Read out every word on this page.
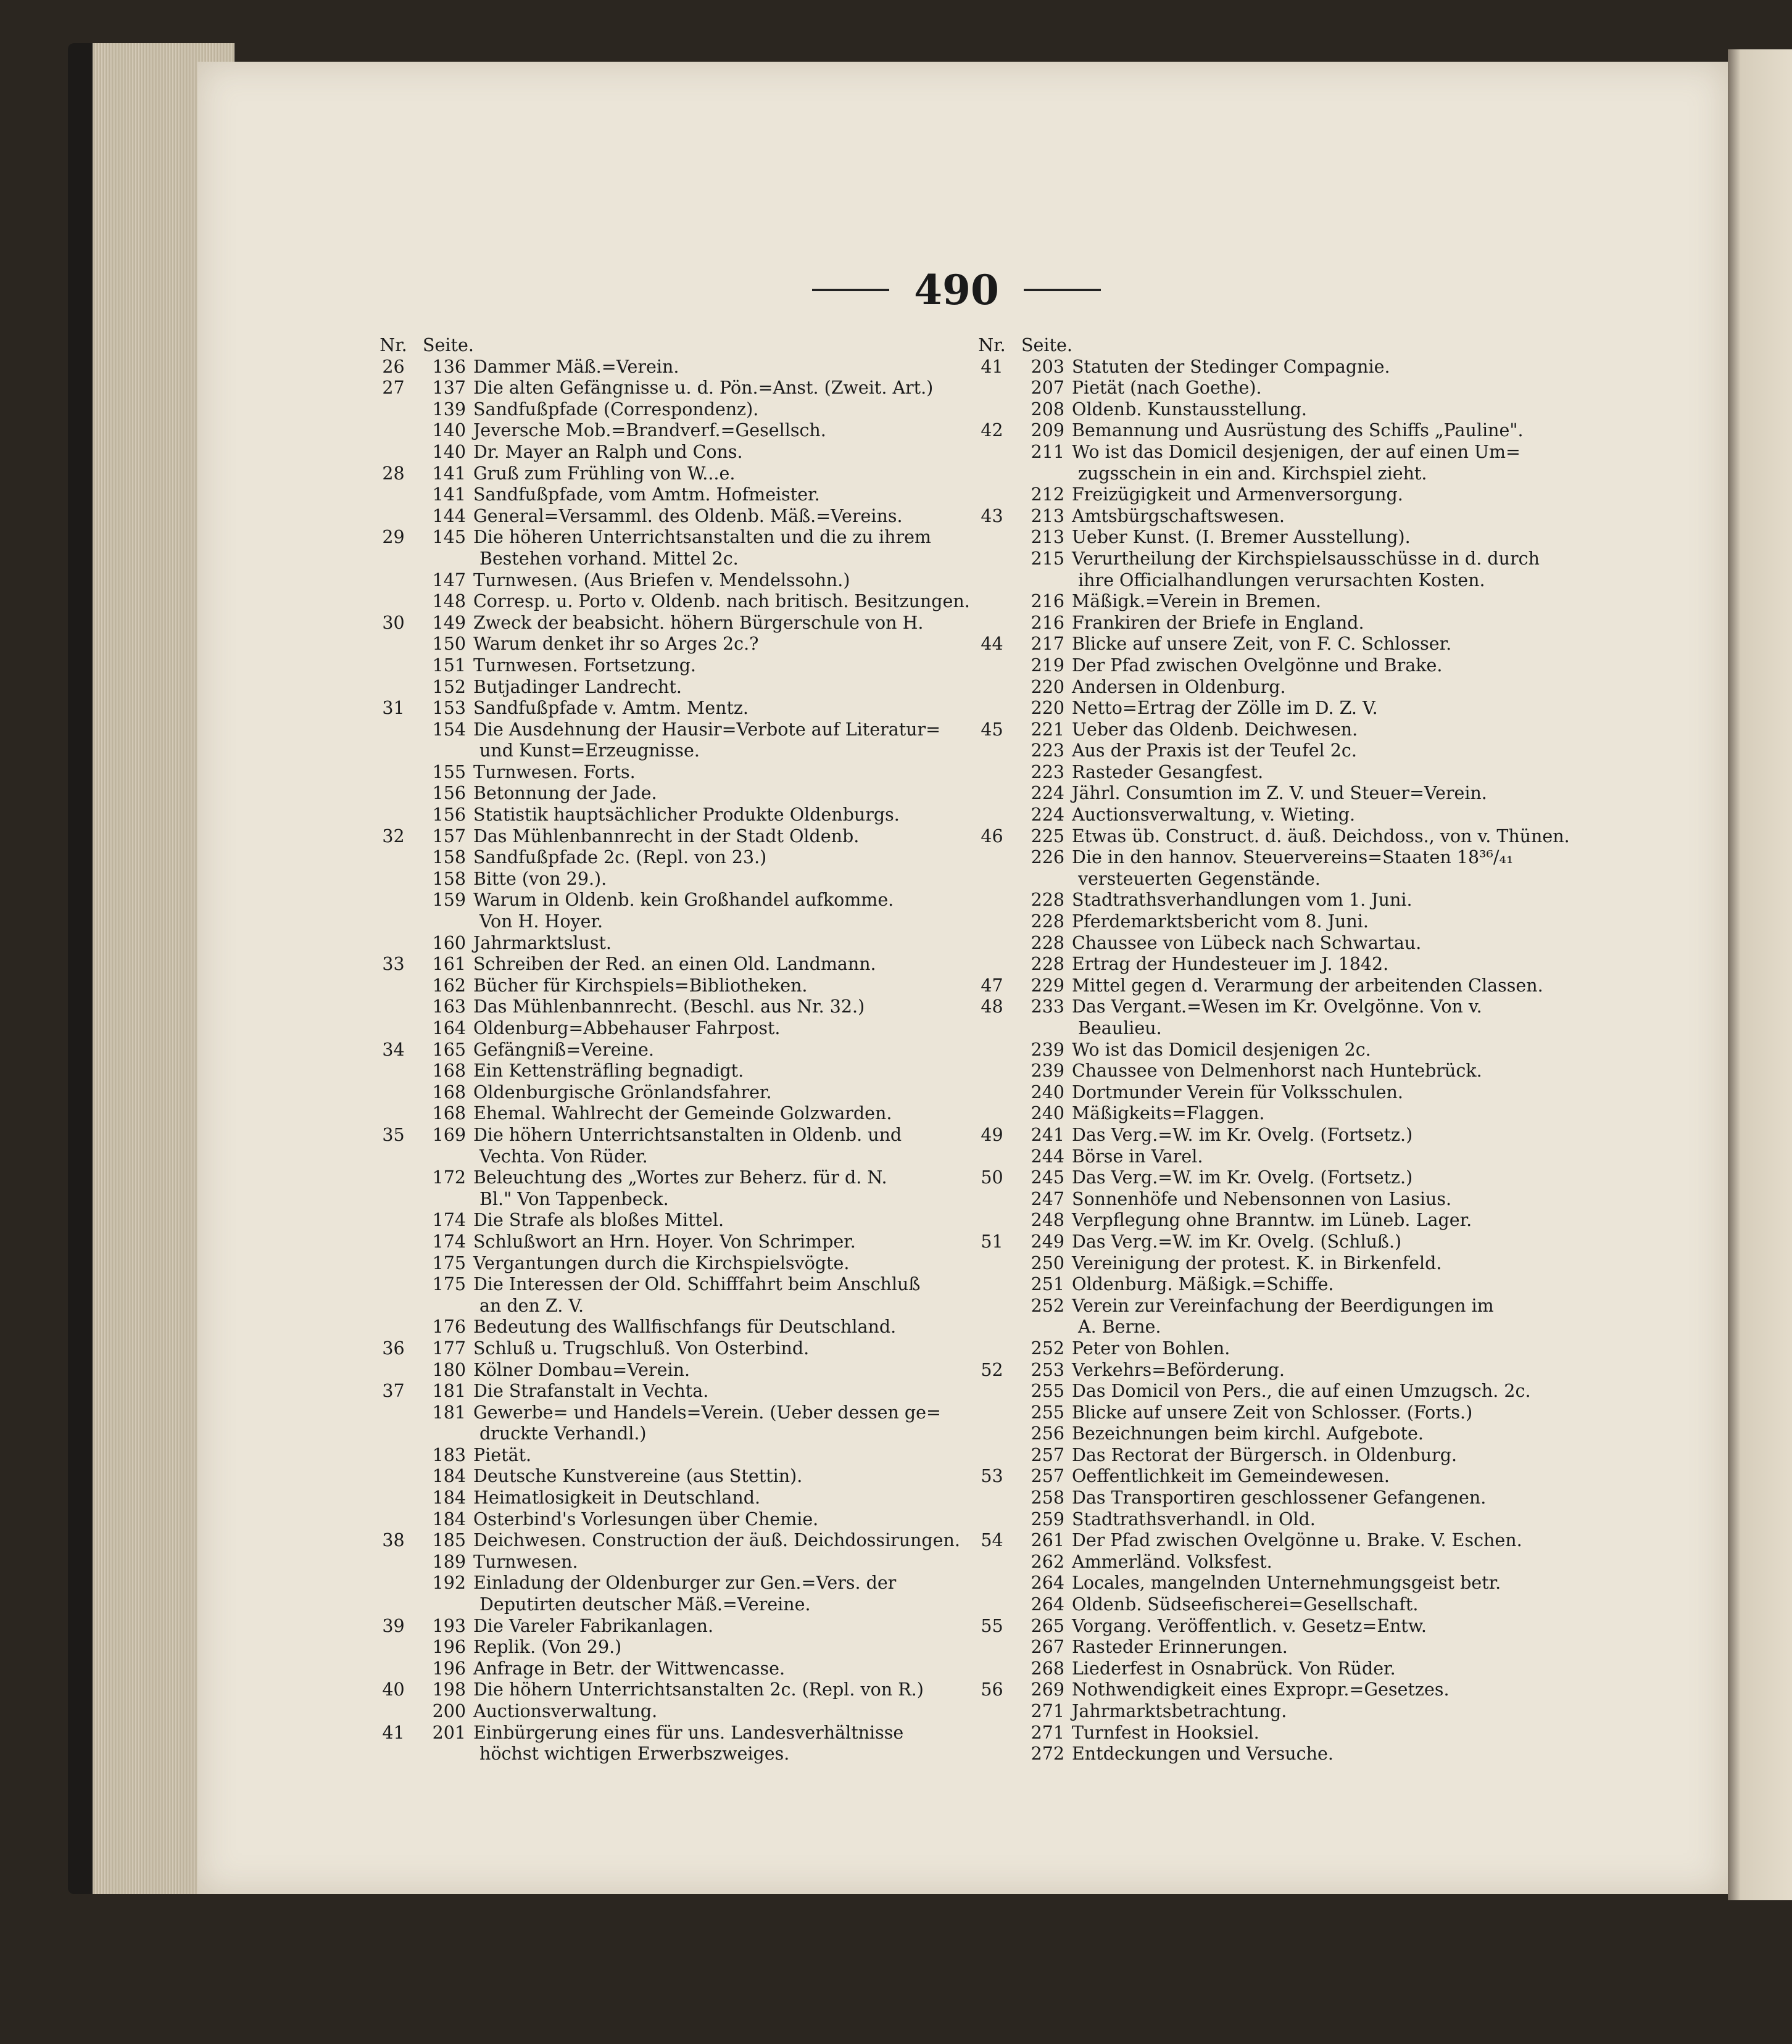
490
Nr. Seite.
26	136 Dammer Mäß.=Verein.
27	137 Die alten Gefängnisse u. d. Pön.=Anst. (Zweit. Art.)
139 Sandfußpfade (Correspondenz).
140 Jeversche Mob.=Brandverf.=Gesellsch.
140 Dr. Mayer an Ralph und Cons.
28	141 Gruß zum Frühling von W...e.
141 Sandfußpfade, vom Amtm. Hofmeister.
144 General=Versamml. des Oldenb. Mäß.=Vereins.
29	145 Die höheren Unterrichtsanstalten und die zu ihrem
Bestehen vorhand. Mittel 2c.
147 Turnwesen. (Aus Briefen v. Mendelssohn.)
148 Corresp. u. Porto v. Oldenb. nach britisch. Besitzungen.
30	149 Zweck der beabsicht. höhern Bürgerschule von H.
150 Warum denket ihr so Arges 2c.?
151 Turnwesen. Fortsetzung.
152 Butjadinger Landrecht.
31	153 Sandfußpfade v. Amtm. Mentz.
154 Die Ausdehnung der Hausir=Verbote auf Literatur=
und Kunst=Erzeugnisse.
155 Turnwesen. Forts.
156 Betonnung der Jade.
156 Statistik hauptsächlicher Produkte Oldenburgs.
32	157 Das Mühlenbannrecht in der Stadt Oldenb.
158 Sandfußpfade 2c. (Repl. von 23.)
158 Bitte (von 29.).
159 Warum in Oldenb. kein Großhandel aufkomme.
Von H. Hoyer.
160 Jahrmarktslust.
33	161 Schreiben der Red. an einen Old. Landmann.
162 Bücher für Kirchspiels=Bibliotheken.
163 Das Mühlenbannrecht. (Beschl. aus Nr. 32.)
164 Oldenburg=Abbehauser Fahrpost.
34	165 Gefängniß=Vereine.
168 Ein Kettensträfling begnadigt.
168 Oldenburgische Grönlandsfahrer.
168 Ehemal. Wahlrecht der Gemeinde Golzwarden.
35	169 Die höhern Unterrichtsanstalten in Oldenb. und
Vechta. Von Rüder.
172 Beleuchtung des „Wortes zur Beherz. für d. N.
Bl." Von Tappenbeck.
174 Die Strafe als bloßes Mittel.
174 Schlußwort an Hrn. Hoyer. Von Schrimper.
175 Vergantungen durch die Kirchspielsvögte.
175 Die Interessen der Old. Schifffahrt beim Anschluß
an den Z. V.
176 Bedeutung des Wallfischfangs für Deutschland.
36	177 Schluß u. Trugschluß. Von Osterbind.
180 Kölner Dombau=Verein.
37	181 Die Strafanstalt in Vechta.
181 Gewerbe= und Handels=Verein. (Ueber dessen ge=
druckte Verhandl.)
183 Pietät.
184 Deutsche Kunstvereine (aus Stettin).
184 Heimatlosigkeit in Deutschland.
184 Osterbind's Vorlesungen über Chemie.
38	185 Deichwesen. Construction der äuß. Deichdossirungen.
189 Turnwesen.
192 Einladung der Oldenburger zur Gen.=Vers. der
Deputirten deutscher Mäß.=Vereine.
39	193 Die Vareler Fabrikanlagen.
196 Replik. (Von 29.)
196 Anfrage in Betr. der Wittwencasse.
40	198 Die höhern Unterrichtsanstalten 2c. (Repl. von R.)
200 Auctionsverwaltung.
41	201 Einbürgerung eines für uns. Landesverhältnisse
höchst wichtigen Erwerbszweiges.
Nr. Seite.
41	203 Statuten der Stedinger Compagnie.
207 Pietät (nach Goethe).
208 Oldenb. Kunstausstellung.
42	209 Bemannung und Ausrüstung des Schiffs „Pauline".
211 Wo ist das Domicil desjenigen, der auf einen Um=
zugsschein in ein and. Kirchspiel zieht.
212 Freizügigkeit und Armenversorgung.
43	213 Amtsbürgschaftswesen.
213 Ueber Kunst. (I. Bremer Ausstellung).
215 Verurtheilung der Kirchspielsausschüsse in d. durch
ihre Officialhandlungen verursachten Kosten.
216 Mäßigk.=Verein in Bremen.
216 Frankiren der Briefe in England.
44	217 Blicke auf unsere Zeit, von F. C. Schlosser.
219 Der Pfad zwischen Ovelgönne und Brake.
220 Andersen in Oldenburg.
220 Netto=Ertrag der Zölle im D. Z. V.
45	221 Ueber das Oldenb. Deichwesen.
223 Aus der Praxis ist der Teufel 2c.
223 Rasteder Gesangfest.
224 Jährl. Consumtion im Z. V. und Steuer=Verein.
224 Auctionsverwaltung, v. Wieting.
46	225 Etwas üb. Construct. d. äuß. Deichdoss., von v. Thünen.
226 Die in den hannov. Steuervereins=Staaten 18³⁶/₄₁
versteuerten Gegenstände.
228 Stadtrathsverhandlungen vom 1. Juni.
228 Pferdemarktsbericht vom 8. Juni.
228 Chaussee von Lübeck nach Schwartau.
228 Ertrag der Hundesteuer im J. 1842.
47	229 Mittel gegen d. Verarmung der arbeitenden Classen.
48	233 Das Vergant.=Wesen im Kr. Ovelgönne. Von v.
Beaulieu.
239 Wo ist das Domicil desjenigen 2c.
239 Chaussee von Delmenhorst nach Huntebrück.
240 Dortmunder Verein für Volksschulen.
240 Mäßigkeits=Flaggen.
49	241 Das Verg.=W. im Kr. Ovelg. (Fortsetz.)
244 Börse in Varel.
50	245 Das Verg.=W. im Kr. Ovelg. (Fortsetz.)
247 Sonnenhöfe und Nebensonnen von Lasius.
248 Verpflegung ohne Branntw. im Lüneb. Lager.
51	249 Das Verg.=W. im Kr. Ovelg. (Schluß.)
250 Vereinigung der protest. K. in Birkenfeld.
251 Oldenburg. Mäßigk.=Schiffe.
252 Verein zur Vereinfachung der Beerdigungen im
A. Berne.
252 Peter von Bohlen.
52	253 Verkehrs=Beförderung.
255 Das Domicil von Pers., die auf einen Umzugsch. 2c.
255 Blicke auf unsere Zeit von Schlosser. (Forts.)
256 Bezeichnungen beim kirchl. Aufgebote.
257 Das Rectorat der Bürgersch. in Oldenburg.
53	257 Oeffentlichkeit im Gemeindewesen.
258 Das Transportiren geschlossener Gefangenen.
259 Stadtrathsverhandl. in Old.
54	261 Der Pfad zwischen Ovelgönne u. Brake. V. Eschen.
262 Ammerländ. Volksfest.
264 Locales, mangelnden Unternehmungsgeist betr.
264 Oldenb. Südseefischerei=Gesellschaft.
55	265 Vorgang. Veröffentlich. v. Gesetz=Entw.
267 Rasteder Erinnerungen.
268 Liederfest in Osnabrück. Von Rüder.
56	269 Nothwendigkeit eines Expropr.=Gesetzes.
271 Jahrmarktsbetrachtung.
271 Turnfest in Hooksiel.
272 Entdeckungen und Versuche.
